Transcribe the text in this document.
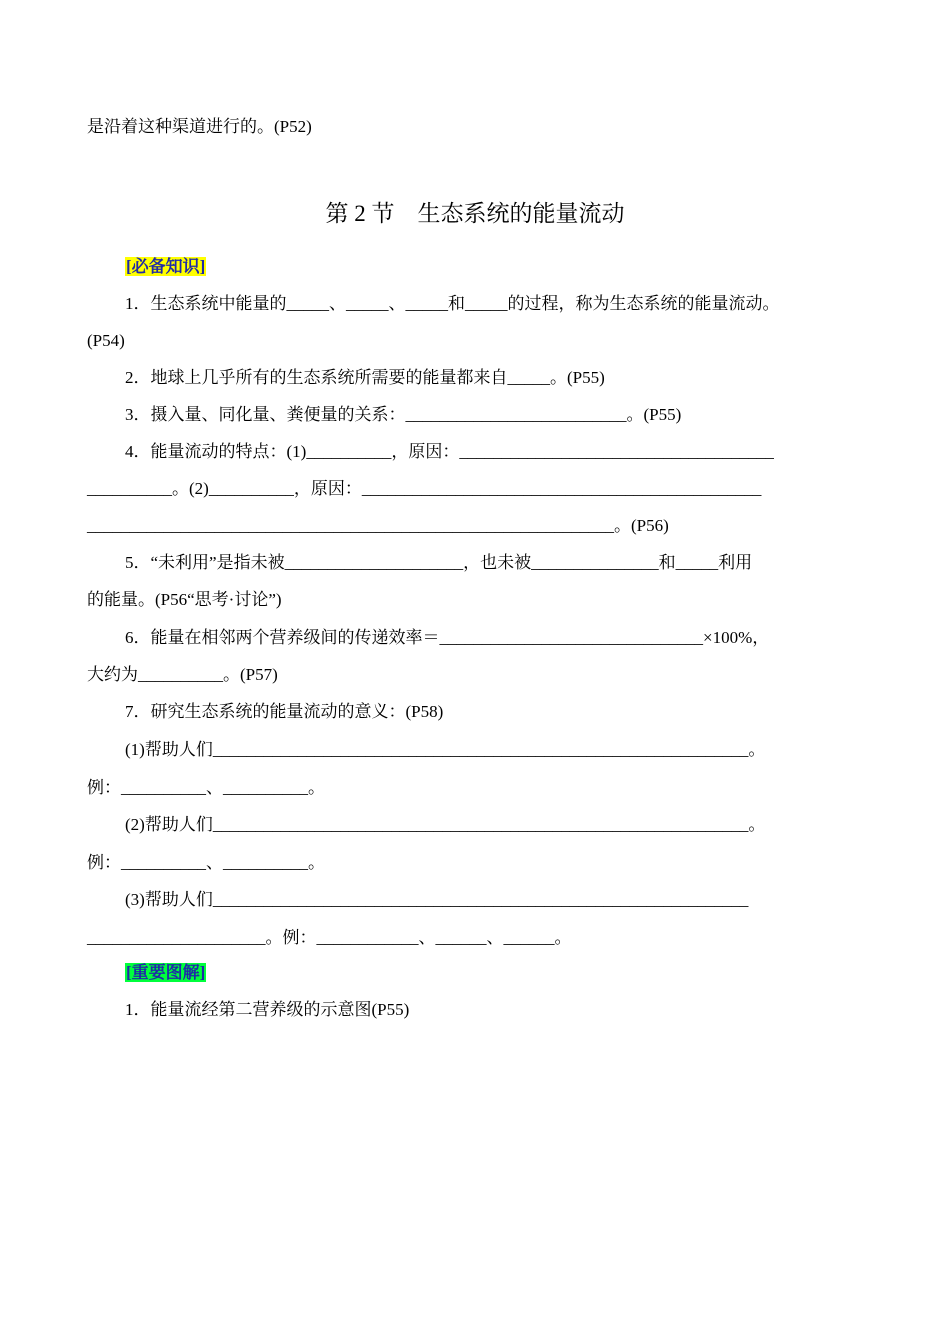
是沿着这种渠道进行的。(P52)
第 2 节　生态系统的能量流动
[必备知识]
1．生态系统中能量的_____、_____、_____和_____的过程，称为生态系统的能量流动。
(P54)
2．地球上几乎所有的生态系统所需要的能量都来自_____。(P55)
3．摄入量、同化量、粪便量的关系：__________________________。(P55)
4．能量流动的特点：(1)__________，原因：_____________________________________
__________。(2)__________，原因：_______________________________________________
______________________________________________________________。(P56)
5．“未利用”是指未被_____________________，也未被_______________和_____利用
的能量。(P56“思考·讨论”)
6．能量在相邻两个营养级间的传递效率＝_______________________________×100%，
大约为__________。(P57)
7．研究生态系统的能量流动的意义：(P58)
(1)帮助人们_______________________________________________________________。
例：__________、__________。
(2)帮助人们_______________________________________________________________。
例：__________、__________。
(3)帮助人们_______________________________________________________________
_____________________。例：____________、______、______。
[重要图解]
1．能量流经第二营养级的示意图(P55)
